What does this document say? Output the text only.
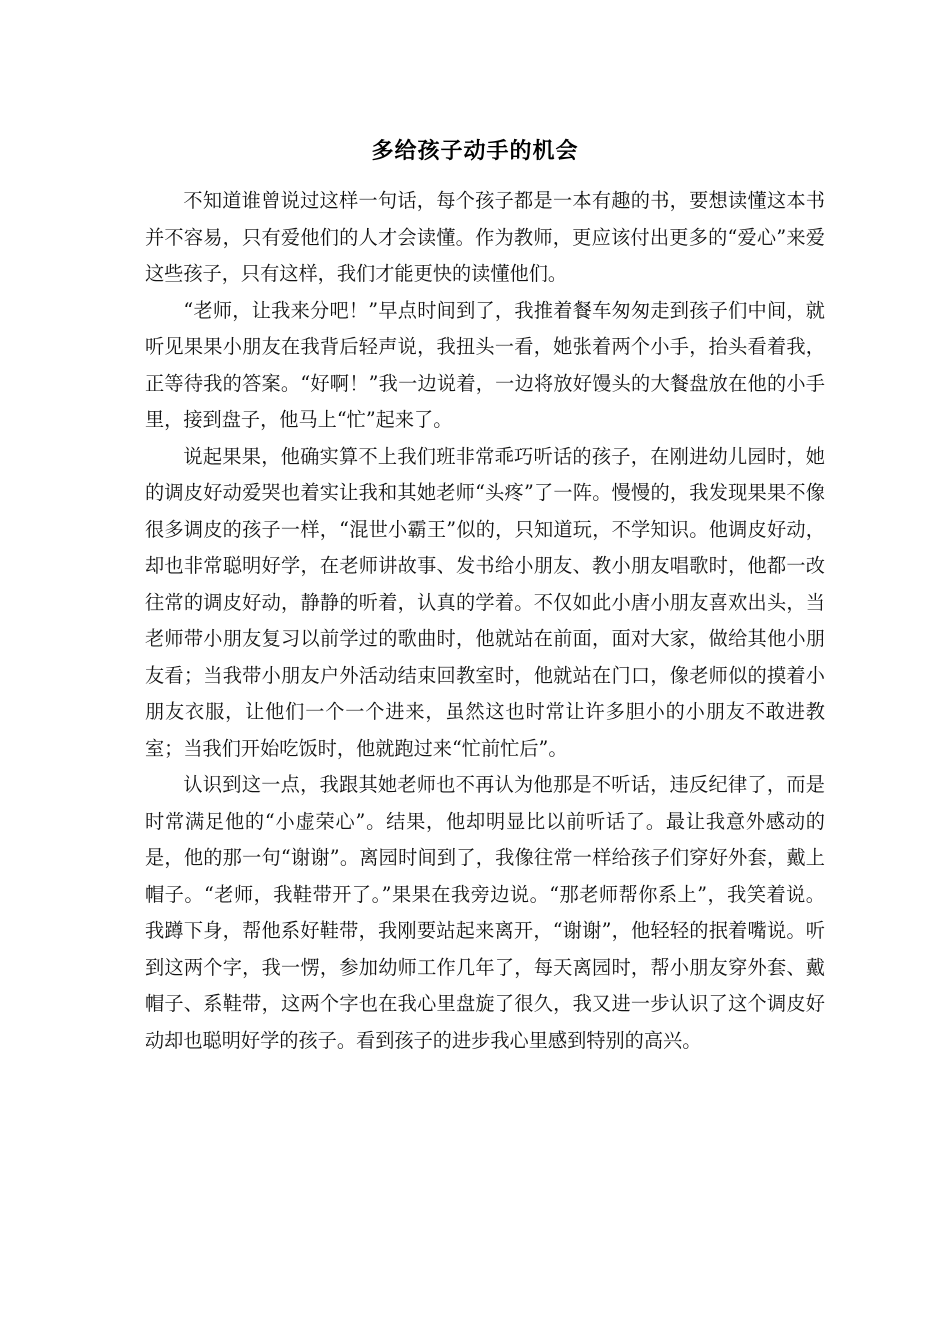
多给孩子动手的机会

不知道谁曾说过这样一句话，每个孩子都是一本有趣的书，要想读懂这本书并不容易，只有爱他们的人才会读懂。作为教师，更应该付出更多的“爱心”来爱这些孩子，只有这样，我们才能更快的读懂他们。

“老师，让我来分吧！”早点时间到了，我推着餐车匆匆走到孩子们中间，就听见果果小朋友在我背后轻声说，我扭头一看，她张着两个小手，抬头看着我，正等待我的答案。“好啊！”我一边说着，一边将放好馒头的大餐盘放在他的小手里，接到盘子，他马上“忙”起来了。

说起果果，他确实算不上我们班非常乖巧听话的孩子，在刚进幼儿园时，她的调皮好动爱哭也着实让我和其她老师“头疼”了一阵。慢慢的，我发现果果不像很多调皮的孩子一样，“混世小霸王”似的，只知道玩，不学知识。他调皮好动，却也非常聪明好学，在老师讲故事、发书给小朋友、教小朋友唱歌时，他都一改往常的调皮好动，静静的听着，认真的学着。不仅如此小唐小朋友喜欢出头，当老师带小朋友复习以前学过的歌曲时，他就站在前面，面对大家，做给其他小朋友看；当我带小朋友户外活动结束回教室时，他就站在门口，像老师似的摸着小朋友衣服，让他们一个一个进来，虽然这也时常让许多胆小的小朋友不敢进教室；当我们开始吃饭时，他就跑过来“忙前忙后”。

认识到这一点，我跟其她老师也不再认为他那是不听话，违反纪律了，而是时常满足他的“小虚荣心”。结果，他却明显比以前听话了。最让我意外感动的是，他的那一句“谢谢”。离园时间到了，我像往常一样给孩子们穿好外套，戴上帽子。“老师，我鞋带开了。”果果在我旁边说。“那老师帮你系上”，我笑着说。我蹲下身，帮他系好鞋带，我刚要站起来离开，“谢谢”，他轻轻的抿着嘴说。听到这两个字，我一愣，参加幼师工作几年了，每天离园时，帮小朋友穿外套、戴帽子、系鞋带，这两个字也在我心里盘旋了很久，我又进一步认识了这个调皮好动却也聪明好学的孩子。看到孩子的进步我心里感到特别的高兴。
